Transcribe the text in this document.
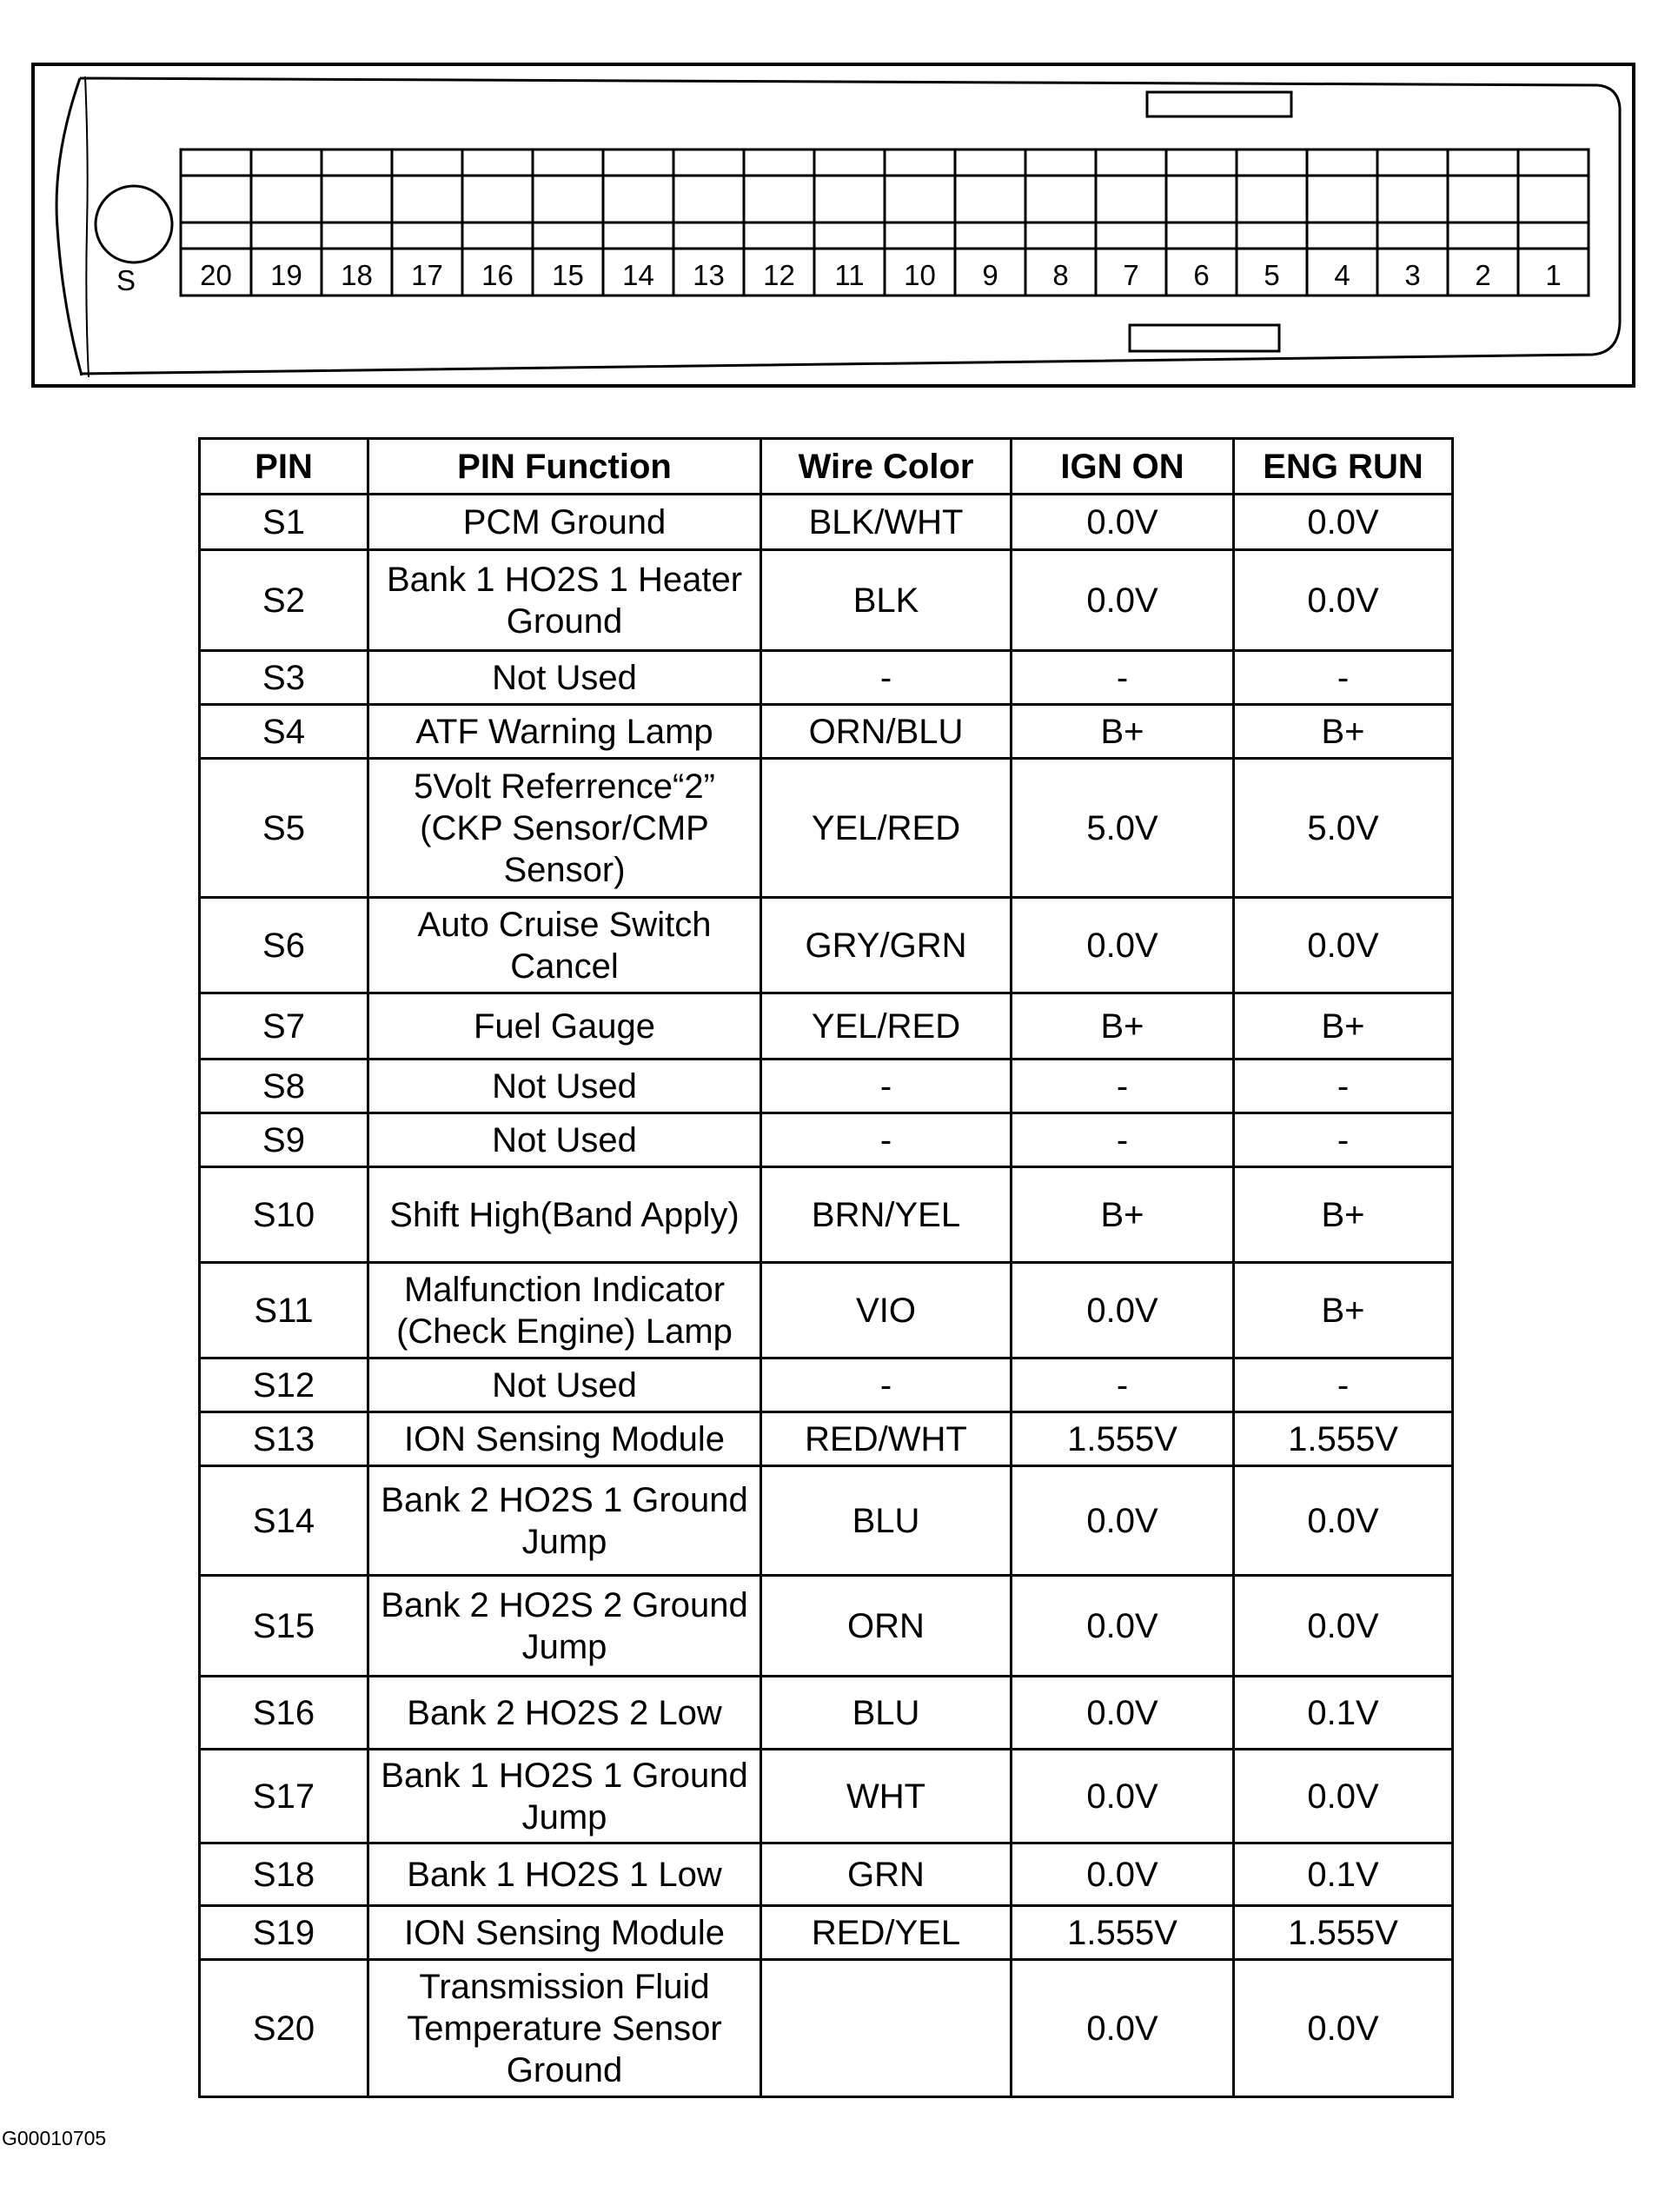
S	20	19	18	17	16	15	14	13	12	11	10	9	8	7	6	5	4	3	2	1
PIN	PIN Function	Wire Color	IGN ON	ENG RUN
S1	PCM Ground	BLK/WHT	0.0V	0.0V
S2	Bank 1 HO2S 1 Heater Ground	BLK	0.0V	0.0V
S3	Not Used	-	-	-
S4	ATF Warning Lamp	ORN/BLU	B+	B+
S5	5Volt Referrence“2” (CKP Sensor/CMP Sensor)	YEL/RED	5.0V	5.0V
S6	Auto Cruise Switch Cancel	GRY/GRN	0.0V	0.0V
S7	Fuel Gauge	YEL/RED	B+	B+
S8	Not Used	-	-	-
S9	Not Used	-	-	-
S10	Shift High(Band Apply)	BRN/YEL	B+	B+
S11	Malfunction Indicator (Check Engine) Lamp	VIO	0.0V	B+
S12	Not Used	-	-	-
S13	ION Sensing Module	RED/WHT	1.555V	1.555V
S14	Bank 2 HO2S 1 Ground Jump	BLU	0.0V	0.0V
S15	Bank 2 HO2S 2 Ground Jump	ORN	0.0V	0.0V
S16	Bank 2 HO2S 2 Low	BLU	0.0V	0.1V
S17	Bank 1 HO2S 1 Ground Jump	WHT	0.0V	0.0V
S18	Bank 1 HO2S 1 Low	GRN	0.0V	0.1V
S19	ION Sensing Module	RED/YEL	1.555V	1.555V
S20	Transmission Fluid Temperature Sensor Ground		0.0V	0.0V
G00010705
